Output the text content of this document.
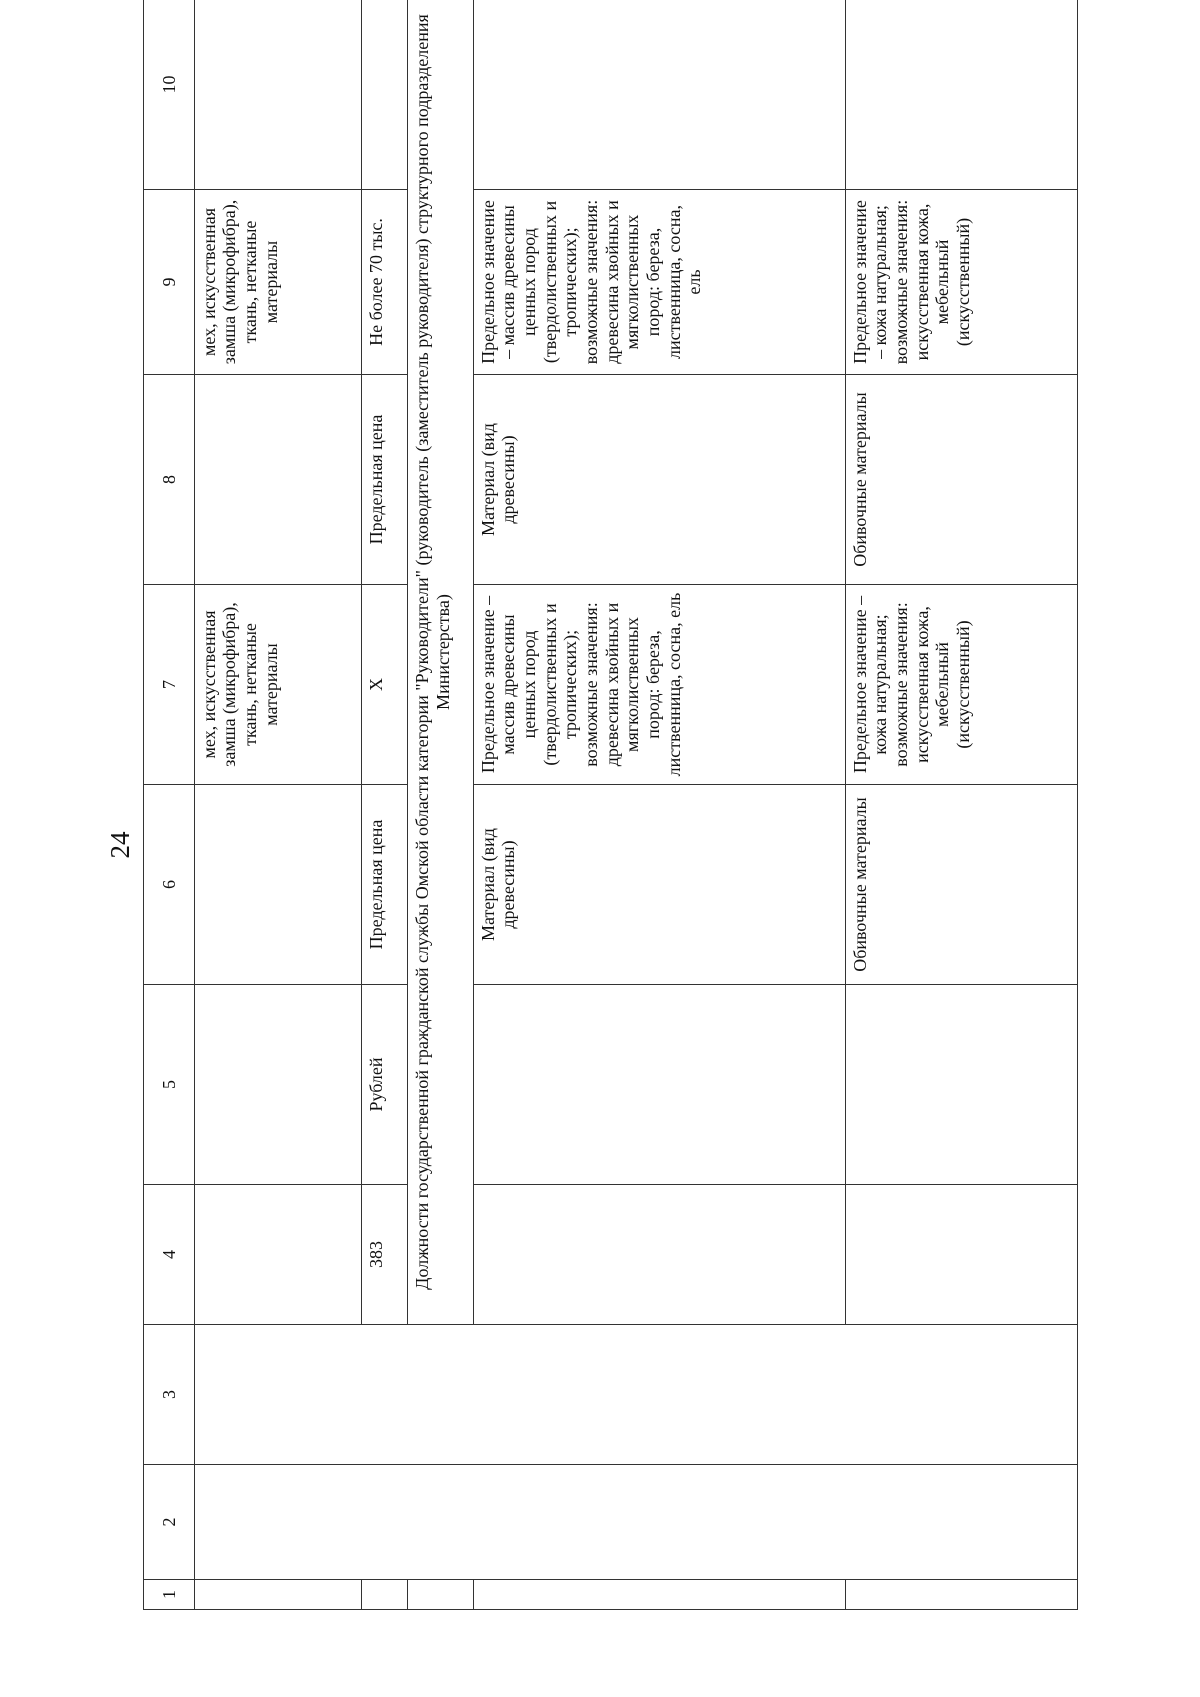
24
1	2	3	4	5	6	7	8	9	10
						мех, искусственная замша (микрофибра), ткань, нетканые материалы		мех, искусственная замша (микрофибра), ткань, нетканые материалы	
			383	Рублей	Предельная цена	X	Предельная цена	Не более 70 тыс.	
			Должности государственной гражданской службы Омской области категории "Руководители" (руководитель (заместитель руководителя) структурного подразделения Министерства)						
					Материал (вид древесины)	Предельное значение – массив древесины ценных пород (твердолиственных и тропических); возможные значения: древесина хвойных и мягколиственных пород: береза, лиственница, сосна, ель	Материал (вид древесины)	Предельное значение – массив древесины ценных пород (твердолиственных и тропических); возможные значения: древесина хвойных и мягколиственных пород: береза, лиственница, сосна, ель	
					Обивочные материалы	Предельное значение – кожа натуральная; возможные значения: искусственная кожа, мебельный (искусственный)	Обивочные материалы	Предельное значение – кожа натуральная; возможные значения: искусственная кожа, мебельный (искусственный)	
